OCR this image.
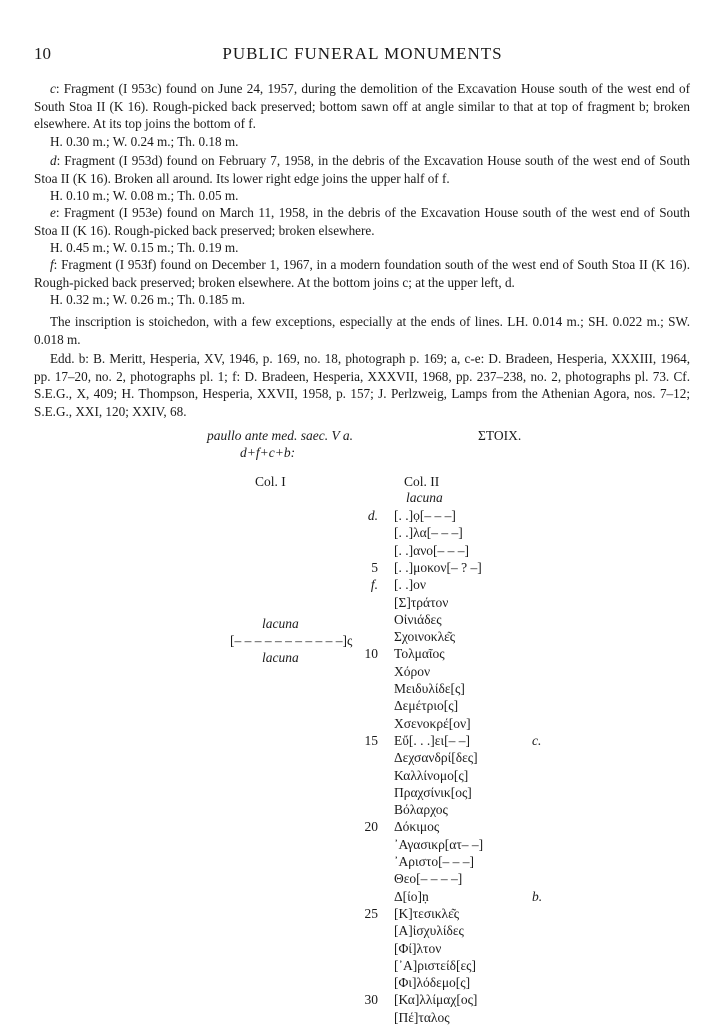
10	PUBLIC FUNERAL MONUMENTS

c: Fragment (I 953c) found on June 24, 1957, during the demolition of the Excavation House south of the west end of South Stoa II (K 16). Rough-picked back preserved; bottom sawn off at angle similar to that at top of fragment b; broken elsewhere. At its top joins the bottom of f.

H. 0.30 m.; W. 0.24 m.; Th. 0.18 m.

d: Fragment (I 953d) found on February 7, 1958, in the debris of the Excavation House south of the west end of South Stoa II (K 16). Broken all around. Its lower right edge joins the upper half of f.

H. 0.10 m.; W. 0.08 m.; Th. 0.05 m.

e: Fragment (I 953e) found on March 11, 1958, in the debris of the Excavation House south of the west end of South Stoa II (K 16). Rough-picked back preserved; broken elsewhere.

H. 0.45 m.; W. 0.15 m.; Th. 0.19 m.

f: Fragment (I 953f) found on December 1, 1967, in a modern foundation south of the west end of South Stoa II (K 16). Rough-picked back preserved; broken elsewhere. At the bottom joins c; at the upper left, d.

H. 0.32 m.; W. 0.26 m.; Th. 0.185 m.

The inscription is stoichedon, with a few exceptions, especially at the ends of lines. LH. 0.014 m.; SH. 0.022 m.; SW. 0.018 m.

Edd. b: B. Meritt, Hesperia, XV, 1946, p. 169, no. 18, photograph p. 169; a, c-e: D. Bradeen, Hesperia, XXXIII, 1964, pp. 17–20, no. 2, photographs pl. 1; f: D. Bradeen, Hesperia, XXXVII, 1968, pp. 237–238, no. 2, photographs pl. 73. Cf. S.E.G., X, 409; H. Thompson, Hesperia, XXVII, 1958, p. 157; J. Perlzweig, Lamps from the Athenian Agora, nos. 7–12; S.E.G., XXI, 120; XXIV, 68.

paullo ante med. saec. V a.
d+f+c+b:
ΣΤΟΙΧ.
Col. I
lacuna
[– – – – – – – – – – –]ς
lacuna
Col. II
lacuna
d. [. .]ọ[– – –]
[. .]λα[– – –]
[. .]ανο[– – –]
5 [. .]μοκον[– ? –]
f. [. .]ον
[Σ]τράτον
Οἰνιάδες
Σχοινοκλε͂ς
10 Τολμαῖος
Χόρον
Μειδυλίδε[ς]
Δεμέτριο[ς]
Χσενοκρέ[ον]
15 Εὔ[. . .]ει[– –]	c.
Δεχσανδρί[δες]
Καλλίνομο[ς]
Πραχσίνικ[ος]
Βόλαρχος
20 Δόκιμος
᾿Αγασικρ[ατ– –]
᾿Αριστο[– – –]
Θεο[– – – –]
Δ[ίο]ṇ	b.
25 [Κ]τεσικλε͂ς
[Α]ἰσχυλίδες
[Φί]λτον
[᾿Α]ριστείδ[ες]
[Φι]λόδεμο[ς]
30 [Κα]λλίμαχ[ος]
[Πέ]ταλος
